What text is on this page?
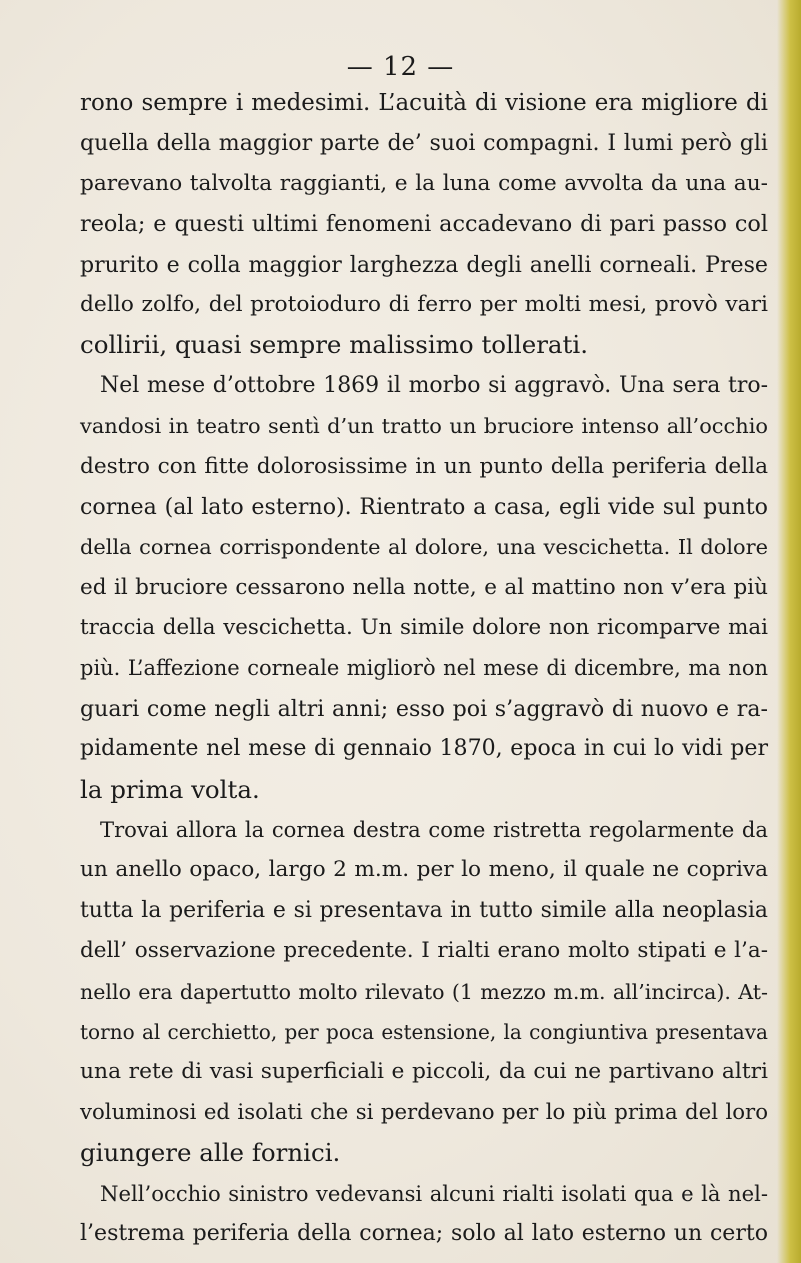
— 12 —
rono sempre i medesimi. L’acuità di visione era migliore di
quella della maggior parte de’ suoi compagni. I lumi però gli
parevano talvolta raggianti, e la luna come avvolta da una au-
reola; e questi ultimi fenomeni accadevano di pari passo col
prurito e colla maggior larghezza degli anelli corneali. Prese
dello zolfo, del protoioduro di ferro per molti mesi, provò vari
collirii, quasi sempre malissimo tollerati.
Nel mese d’ottobre 1869 il morbo si aggravò. Una sera tro-
vandosi in teatro sentì d’un tratto un bruciore intenso all’occhio
destro con fitte dolorosissime in un punto della periferia della
cornea (al lato esterno). Rientrato a casa, egli vide sul punto
della cornea corrispondente al dolore, una vescichetta. Il dolore
ed il bruciore cessarono nella notte, e al mattino non v’era più
traccia della vescichetta. Un simile dolore non ricomparve mai
più. L’affezione corneale migliorò nel mese di dicembre, ma non
guari come negli altri anni; esso poi s’aggravò di nuovo e ra-
pidamente nel mese di gennaio 1870, epoca in cui lo vidi per
la prima volta.
Trovai allora la cornea destra come ristretta regolarmente da
un anello opaco, largo 2 m.m. per lo meno, il quale ne copriva
tutta la periferia e si presentava in tutto simile alla neoplasia
dell’ osservazione precedente. I rialti erano molto stipati e l’a-
nello era dapertutto molto rilevato (1 mezzo m.m. all’incirca). At-
torno al cerchietto, per poca estensione, la congiuntiva presentava
una rete di vasi superficiali e piccoli, da cui ne partivano altri
voluminosi ed isolati che si perdevano per lo più prima del loro
giungere alle fornici.
Nell’occhio sinistro vedevansi alcuni rialti isolati qua e là nel-
l’estrema periferia della cornea; solo al lato esterno un certo
